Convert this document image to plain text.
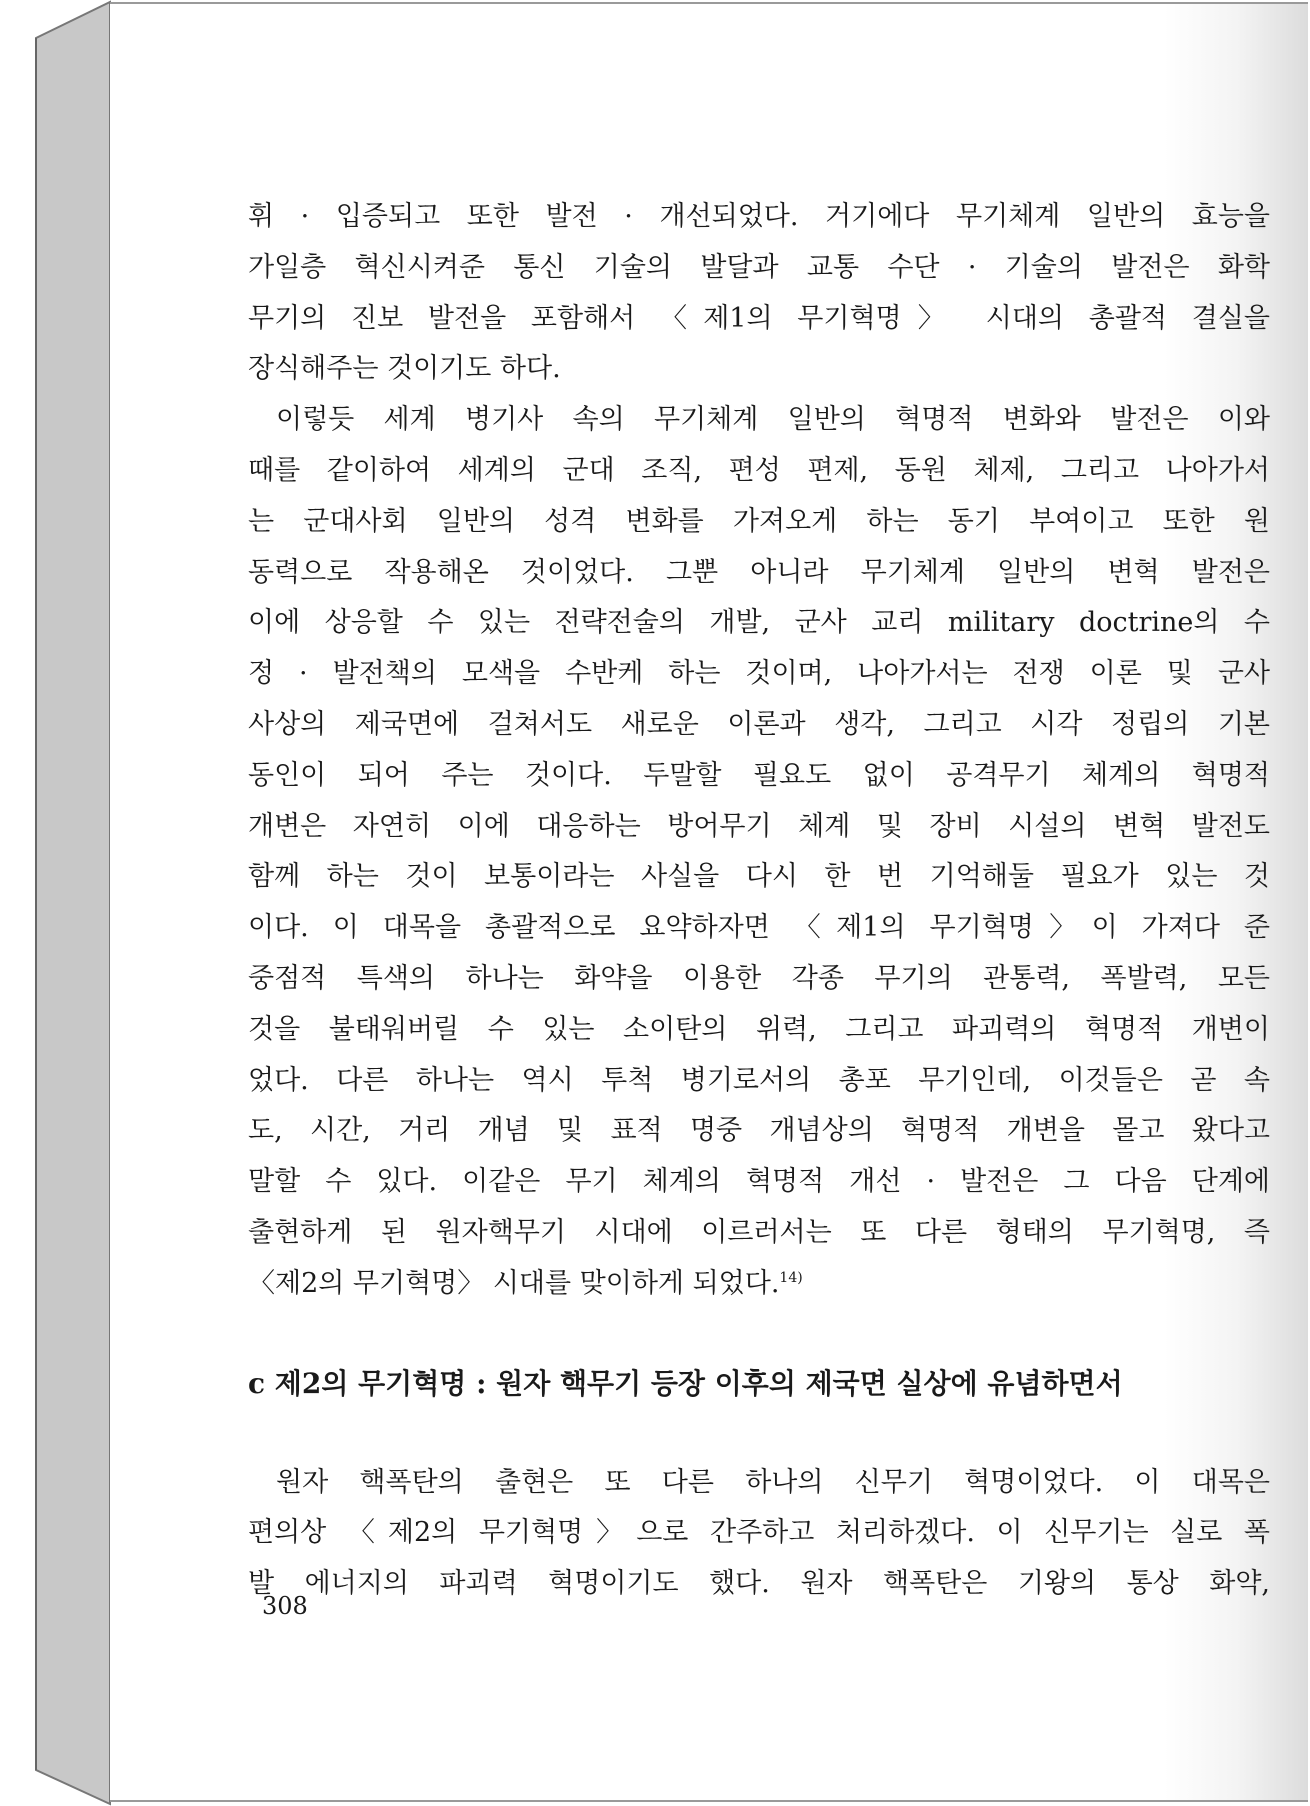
휘 · 입증되고 또한 발전 · 개선되었다. 거기에다 무기체계 일반의 효능을
가일층 혁신시켜준 통신 기술의 발달과 교통 수단 · 기술의 발전은 화학
무기의 진보 발전을 포함해서 〈제1의 무기혁명〉 시대의 총괄적 결실을
장식해주는 것이기도 하다.
이렇듯 세계 병기사 속의 무기체계 일반의 혁명적 변화와 발전은 이와
때를 같이하여 세계의 군대 조직, 편성 편제, 동원 체제, 그리고 나아가서
는 군대사회 일반의 성격 변화를 가져오게 하는 동기 부여이고 또한 원
동력으로 작용해온 것이었다. 그뿐 아니라 무기체계 일반의 변혁 발전은
이에 상응할 수 있는 전략전술의 개발, 군사 교리 military doctrine의 수
정 · 발전책의 모색을 수반케 하는 것이며, 나아가서는 전쟁 이론 및 군사
사상의 제국면에 걸쳐서도 새로운 이론과 생각, 그리고 시각 정립의 기본
동인이 되어 주는 것이다. 두말할 필요도 없이 공격무기 체계의 혁명적
개변은 자연히 이에 대응하는 방어무기 체계 및 장비 시설의 변혁 발전도
함께 하는 것이 보통이라는 사실을 다시 한 번 기억해둘 필요가 있는 것
이다. 이 대목을 총괄적으로 요약하자면 〈제1의 무기혁명〉이 가져다 준
중점적 특색의 하나는 화약을 이용한 각종 무기의 관통력, 폭발력, 모든
것을 불태워버릴 수 있는 소이탄의 위력, 그리고 파괴력의 혁명적 개변이
었다. 다른 하나는 역시 투척 병기로서의 총포 무기인데, 이것들은 곧 속
도, 시간, 거리 개념 및 표적 명중 개념상의 혁명적 개변을 몰고 왔다고
말할 수 있다. 이같은 무기 체계의 혁명적 개선 · 발전은 그 다음 단계에
출현하게 된 원자핵무기 시대에 이르러서는 또 다른 형태의 무기혁명, 즉
〈제2의 무기혁명〉 시대를 맞이하게 되었다.$^{14)}$
c 제2의 무기혁명 : 원자 핵무기 등장 이후의 제국면 실상에 유념하면서
원자 핵폭탄의 출현은 또 다른 하나의 신무기 혁명이었다. 이 대목은
편의상 〈제2의 무기혁명〉으로 간주하고 처리하겠다. 이 신무기는 실로 폭
발 에너지의 파괴력 혁명이기도 했다. 원자 핵폭탄은 기왕의 통상 화약,
308
